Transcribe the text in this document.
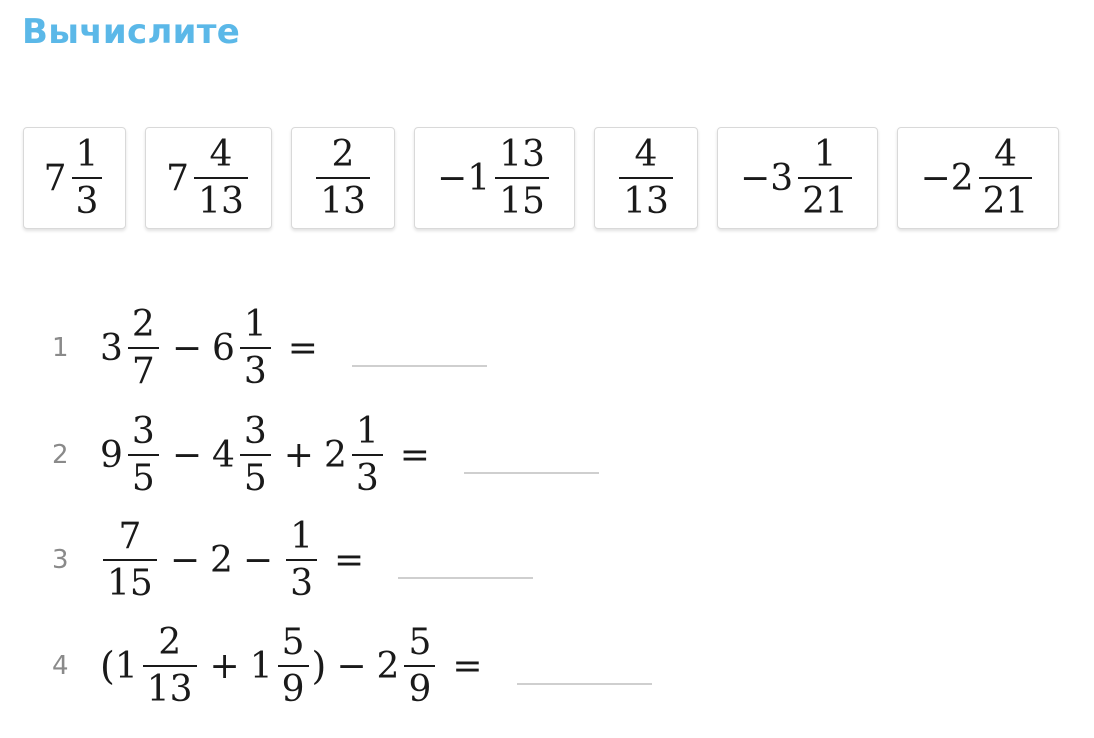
Вычислите
$7 \frac{1}{3} 7 \frac{4}{13} \frac{2}{13} -1 \frac{13}{15} \frac{4}{13} -3 \frac{1}{21} -2 \frac{4}{21}$
1 $3 \frac{2}{7} - 6 \frac{1}{3}$ =
2 $9 \frac{3}{5} - 4 \frac{3}{5} + 2 \frac{1}{3}$ =
$3 \frac{7}{15} - 2 - \frac{1}{3}$ =
4 ( $1 \frac{2}{13} + 1 \frac{5}{9}$ ) − $2 \frac{5}{9}$ =
